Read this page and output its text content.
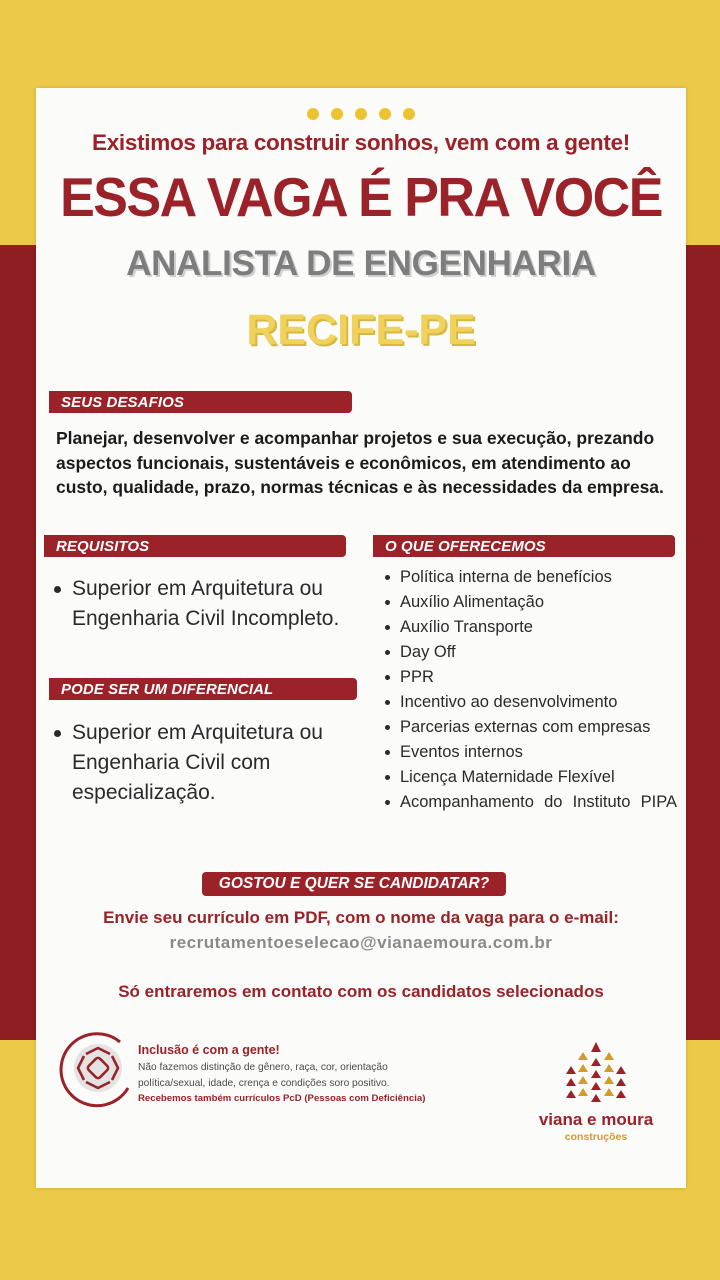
Existimos para construir sonhos, vem com a gente!
ESSA VAGA É PRA VOCÊ
ANALISTA DE ENGENHARIA
RECIFE-PE
SEUS DESAFIOS
Planejar, desenvolver e acompanhar projetos e sua execução, prezando aspectos funcionais, sustentáveis e econômicos, em atendimento ao custo, qualidade, prazo, normas técnicas e às necessidades da empresa.
REQUISITOS
Superior em Arquitetura ou Engenharia Civil Incompleto.
PODE SER UM DIFERENCIAL
Superior em Arquitetura ou Engenharia Civil com especialização.
O QUE OFERECEMOS
Política interna de benefícios
Auxílio Alimentação
Auxílio Transporte
Day Off
PPR
Incentivo ao desenvolvimento
Parcerias externas com empresas
Eventos internos
Licença Maternidade Flexível
Acompanhamento do Instituto PIPA
GOSTOU E QUER SE CANDIDATAR?
Envie seu currículo em PDF, com o nome da vaga para o e-mail:
recrutamentoeselecao@vianaemoura.com.br
Só entraremos em contato com os candidatos selecionados
Inclusão é com a gente!
Não fazemos distinção de gênero, raça, cor, orientação
política/sexual, idade, crença e condições soro positivo.
Recebemos também currículos PcD (Pessoas com Deficiência)
viana e moura
construções
